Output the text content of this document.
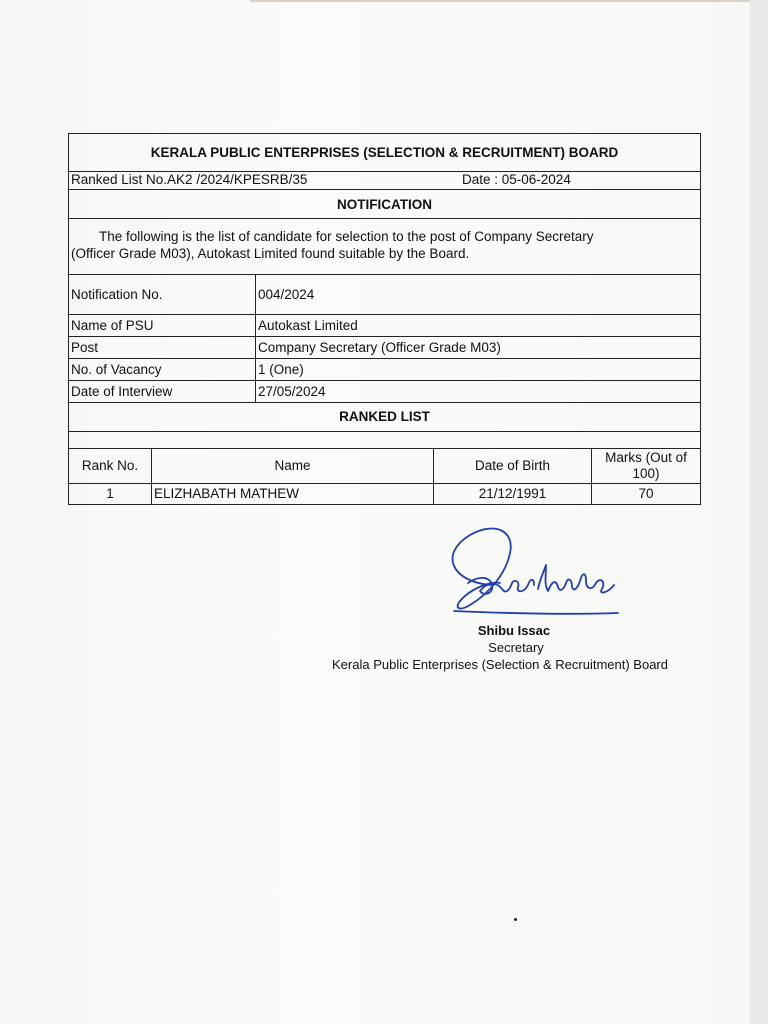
KERALA PUBLIC ENTERPRISES (SELECTION & RECRUITMENT) BOARD
Ranked List No.AK2 /2024/KPESRB/35	Date : 05-06-2024
NOTIFICATION
The following is the list of candidate for selection to the post of Company Secretary
(Officer Grade M03), Autokast Limited found suitable by the Board.
Notification No.	004/2024
Name of PSU	Autokast Limited
Post	Company Secretary (Officer Grade M03)
No. of Vacancy	1 (One)
Date of Interview	27/05/2024
RANKED LIST
Rank No.	Name	Date of Birth	Marks (Out of
100)

1	ELIZHABATH MATHEW	21/12/1991	70
Shibu Issac
Secretary
Kerala Public Enterprises (Selection & Recruitment) Board
